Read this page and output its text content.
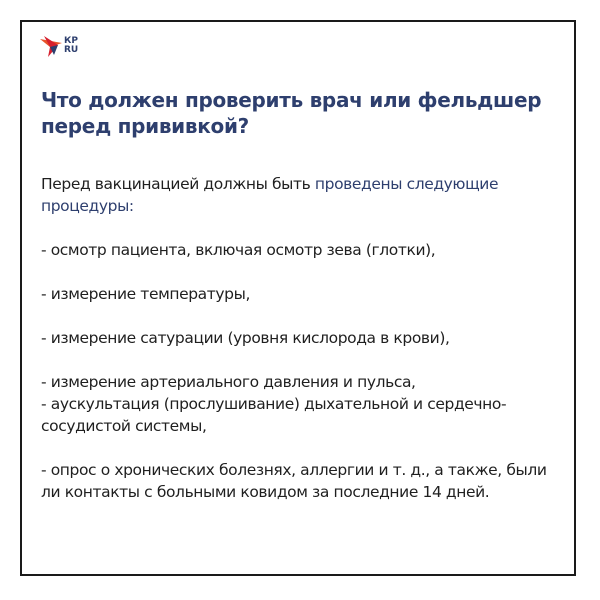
КР
RU
Что должен проверить врач или фельдшер перед прививкой?

Перед вакцинацией должны быть проведены следующие процедуры:

- осмотр пациента, включая осмотр зева (глотки),

- измерение температуры,

- измерение сатурации (уровня кислорода в крови),

- измерение артериального давления и пульса,

- аускультация (прослушивание) дыхательной и сердечно-сосудистой системы,

- опрос о хронических болезнях, аллергии и т. д., а также, были ли контакты с больными ковидом за последние 14 дней.
